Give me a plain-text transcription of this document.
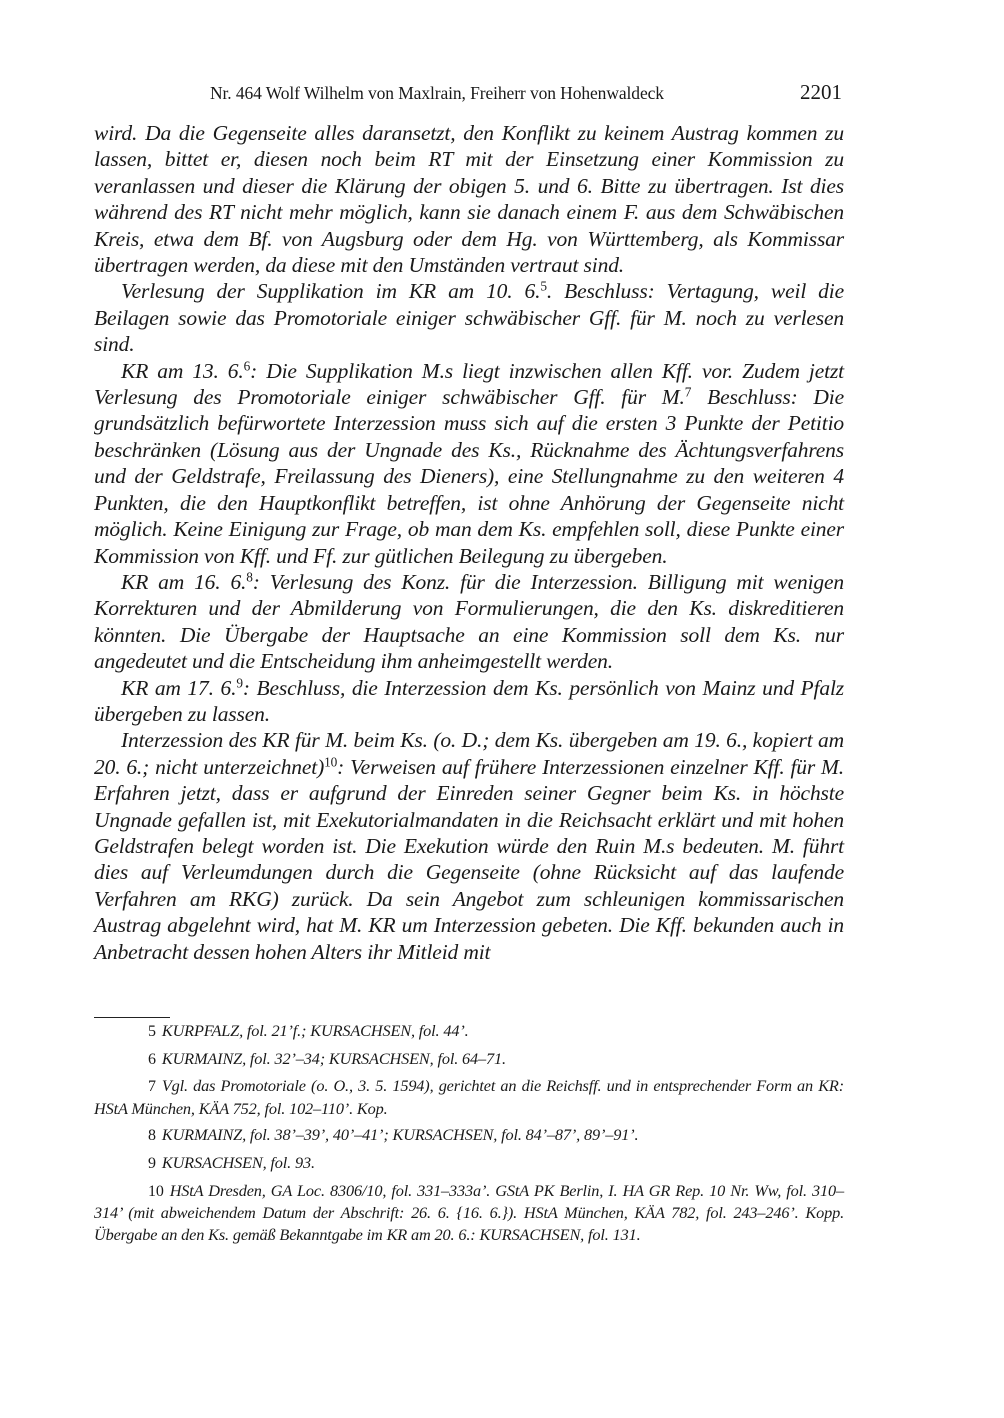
Nr. 464 Wolf Wilhelm von Maxlrain, Freiherr von Hohenwaldeck	2201

wird. Da die Gegenseite alles daransetzt, den Konflikt zu keinem Austrag kommen zu lassen, bittet er, diesen noch beim RT mit der Einsetzung einer Kommission zu veranlassen und dieser die Klärung der obigen 5. und 6. Bitte zu übertragen. Ist dies während des RT nicht mehr möglich, kann sie danach einem F. aus dem Schwäbischen Kreis, etwa dem Bf. von Augsburg oder dem Hg. von Württemberg, als Kommissar übertragen werden, da diese mit den Umständen vertraut sind.

Verlesung der Supplikation im KR am 10. 6.$^5$. Beschluss: Vertagung, weil die Beilagen sowie das Promotoriale einiger schwäbischer Gff. für M. noch zu verlesen sind.

KR am 13. 6.$^6$: Die Supplikation M.s liegt inzwischen allen Kff. vor. Zudem jetzt Verlesung des Promotoriale einiger schwäbischer Gff. für M.$^7$ Beschluss: Die grundsätzlich befürwortete Interzession muss sich auf die ersten 3 Punkte der Petitio beschränken (Lösung aus der Ungnade des Ks., Rücknahme des Ächtungsverfahrens und der Geldstrafe, Freilassung des Dieners), eine Stellungnahme zu den weiteren 4 Punkten, die den Hauptkonflikt betreffen, ist ohne Anhörung der Gegenseite nicht möglich. Keine Einigung zur Frage, ob man dem Ks. empfehlen soll, diese Punkte einer Kommission von Kff. und Ff. zur gütlichen Beilegung zu übergeben.

KR am 16. 6.$^8$: Verlesung des Konz. für die Interzession. Billigung mit wenigen Korrekturen und der Abmilderung von Formulierungen, die den Ks. diskreditieren könnten. Die Übergabe der Hauptsache an eine Kommission soll dem Ks. nur angedeutet und die Entscheidung ihm anheimgestellt werden.

KR am 17. 6.$^9$: Beschluss, die Interzession dem Ks. persönlich von Mainz und Pfalz übergeben zu lassen.

Interzession des KR für M. beim Ks. (o. D.; dem Ks. übergeben am 19. 6., kopiert am 20. 6.; nicht unterzeichnet)$^{10}$: Verweisen auf frühere Interzessionen einzelner Kff. für M. Erfahren jetzt, dass er aufgrund der Einreden seiner Gegner beim Ks. in höchste Ungnade gefallen ist, mit Exekutorialmandaten in die Reichsacht erklärt und mit hohen Geldstrafen belegt worden ist. Die Exekution würde den Ruin M.s bedeuten. M. führt dies auf Verleumdungen durch die Gegenseite (ohne Rücksicht auf das laufende Verfahren am RKG) zurück. Da sein Angebot zum schleunigen kommissarischen Austrag abgelehnt wird, hat M. KR um Interzession gebeten. Die Kff. bekunden auch in Anbetracht dessen hohen Alters ihr Mitleid mit

5 KURPFALZ, fol. 21’f.; KURSACHSEN, fol. 44’.

6 KURMAINZ, fol. 32’–34; KURSACHSEN, fol. 64–71.

7 Vgl. das Promotoriale (o. O., 3. 5. 1594), gerichtet an die Reichsff. und in entsprechender Form an KR: HStA München, KÄA 752, fol. 102–110’. Kop.

8 KURMAINZ, fol. 38’–39’, 40’–41’; KURSACHSEN, fol. 84’–87’, 89’–91’.

9 KURSACHSEN, fol. 93.

10 HStA Dresden, GA Loc. 8306/10, fol. 331–333a’. GStA PK Berlin, I. HA GR Rep. 10 Nr. Ww, fol. 310–314’ (mit abweichendem Datum der Abschrift: 26. 6. {16. 6.}). HStA München, KÄA 782, fol. 243–246’. Kopp. Übergabe an den Ks. gemäß Bekanntgabe im KR am 20. 6.: KURSACHSEN, fol. 131.
